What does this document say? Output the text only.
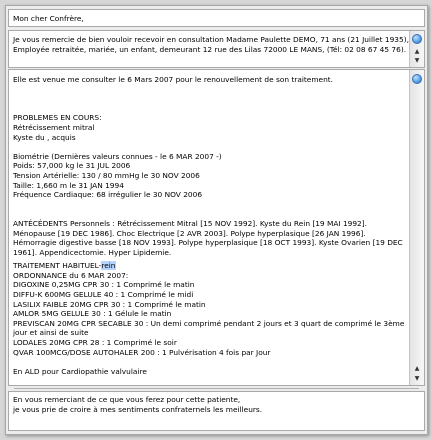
Mon cher Confrère,
Je vous remercie de bien vouloir recevoir en consultation Madame Paulette DEMO, 71 ans (21 Juillet 1935),
Employée retraitée, mariée, un enfant, demeurant 12 rue des Lilas 72000 LE MANS, (Tél: 02 08 67 45 76).	▲
▼
Elle est venue me consulter le 6 Mars 2007 pour le renouvellement de son traitement.
PROBLEMES EN COURS:
Rétrécissement mitral
Kyste du , acquis
Biométrie (Dernières valeurs connues - le 6 MAR 2007 -)
Poids: 57,000 kg le 31 JUL 2006
Tension Artérielle: 130 / 80 mmHg le 30 NOV 2006
Taille: 1,660 m le 31 JAN 1994
Fréquence Cardiaque: 68 irrégulier le 30 NOV 2006
ANTÉCÉDENTS Personnels : Rétrécissement Mitral [15 NOV 1992]. Kyste du Rein [19 MAI 1992]. Ménopause [19 DEC 1986]. Choc Electrique [2 AVR 2003]. Polype hyperplasique [26 JAN 1996]. Hémorragie digestive basse [18 NOV 1993]. Polype hyperplasique [18 OCT 1993]. Kyste Ovarien [19 DEC 1961]. Appendicectomie. Hyper Lipidemie.
TRAITEMENT HABITUEL-rein
ORDONNANCE du 6 MAR 2007:
DIGOXINE 0,25MG CPR 30 : 1 Comprimé le matin
DIFFU-K 600MG GELULE 40 : 1 Comprimé le midi
LASILIX FAIBLE 20MG CPR 30 : 1 Comprimé le matin
AMLOR 5MG GELULE 30 : 1 Gélule le matin
PREVISCAN 20MG CPR SECABLE 30 : Un demi comprimé pendant 2 jours et 3 quart de comprimé le 3ème jour et ainsi de suite
LODALES 20MG CPR 28 : 1 Comprimé le soir
QVAR 100MCG/DOSE AUTOHALER 200 : 1 Pulvérisation 4 fois par Jour
En ALD pour Cardiopathie valvulaire	▲
▼
En vous remerciant de ce que vous ferez pour cette patiente,
je vous prie de croire à mes sentiments confraternels les meilleurs.
